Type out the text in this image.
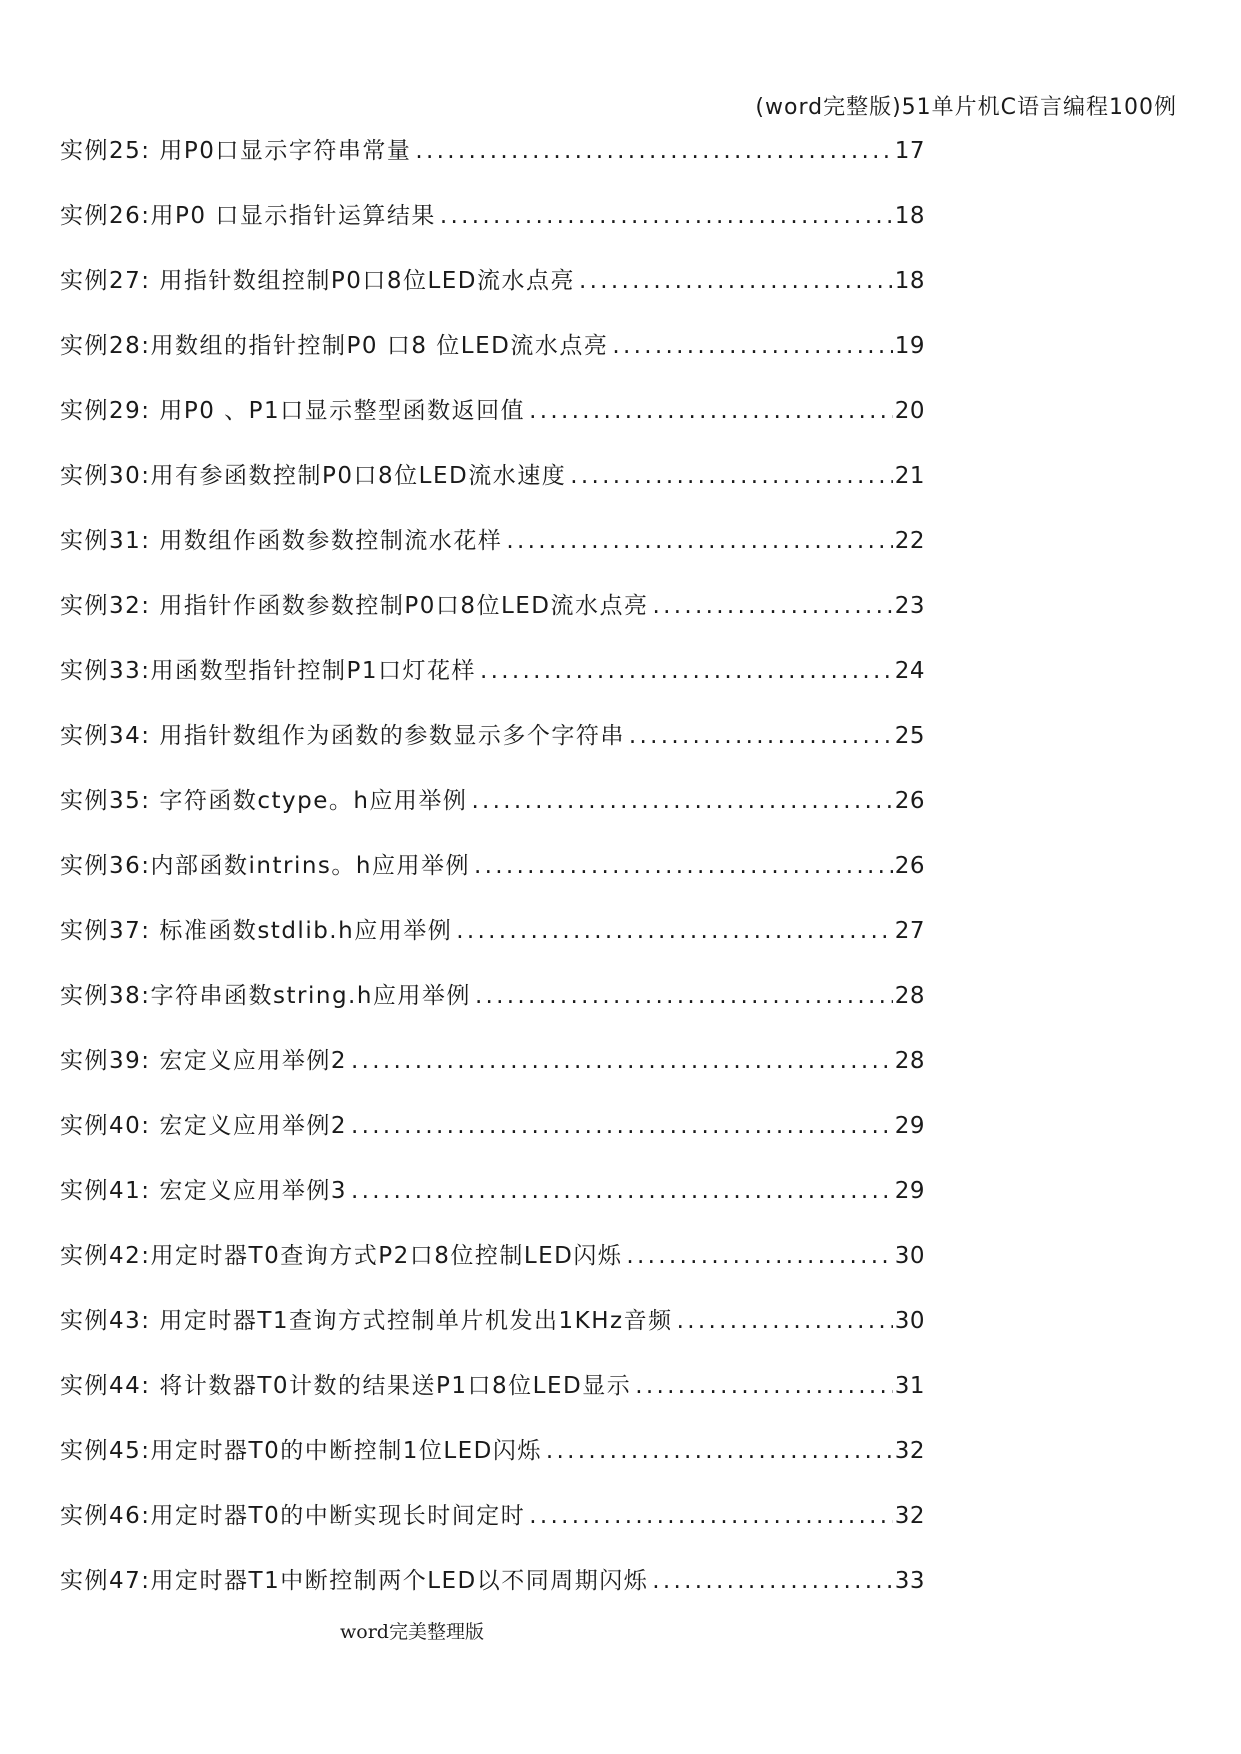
(word完整版)51单片机C语言编程100例
实例25: 用P0口显示字符串常量 . . .	17
实例26:用P0 口显示指针运算结果 . . .	18
实例27: 用指针数组控制P0口8位LED流水点亮 . . .	18
实例28:用数组的指针控制P0 口8 位LED流水点亮 . . .	19
实例29: 用P0 、P1口显示整型函数返回值 . . .	20
实例30:用有参函数控制P0口8位LED流水速度 . . .	21
实例31: 用数组作函数参数控制流水花样 . . .	22
实例32: 用指针作函数参数控制P0口8位LED流水点亮 . . .	23
实例33:用函数型指针控制P1口灯花样 . . .	24
实例34: 用指针数组作为函数的参数显示多个字符串 . . .	25
实例35: 字符函数ctype。h应用举例 . . .	26
实例36:内部函数intrins。h应用举例 . . .	26
实例37: 标准函数stdlib.h应用举例 . . .	27
实例38:字符串函数string.h应用举例 . . .	28
实例39: 宏定义应用举例2 . . .	28
实例40: 宏定义应用举例2 . . .	29
实例41: 宏定义应用举例3 . . .	29
实例42:用定时器T0查询方式P2口8位控制LED闪烁 . . .	30
实例43: 用定时器T1查询方式控制单片机发出1KHz音频 . . .	30
实例44: 将计数器T0计数的结果送P1口8位LED显示 . . .	31
实例45:用定时器T0的中断控制1位LED闪烁 . . .	32
实例46:用定时器T0的中断实现长时间定时 . . .	32
实例47:用定时器T1中断控制两个LED以不同周期闪烁 . . .	33
word完美整理版
